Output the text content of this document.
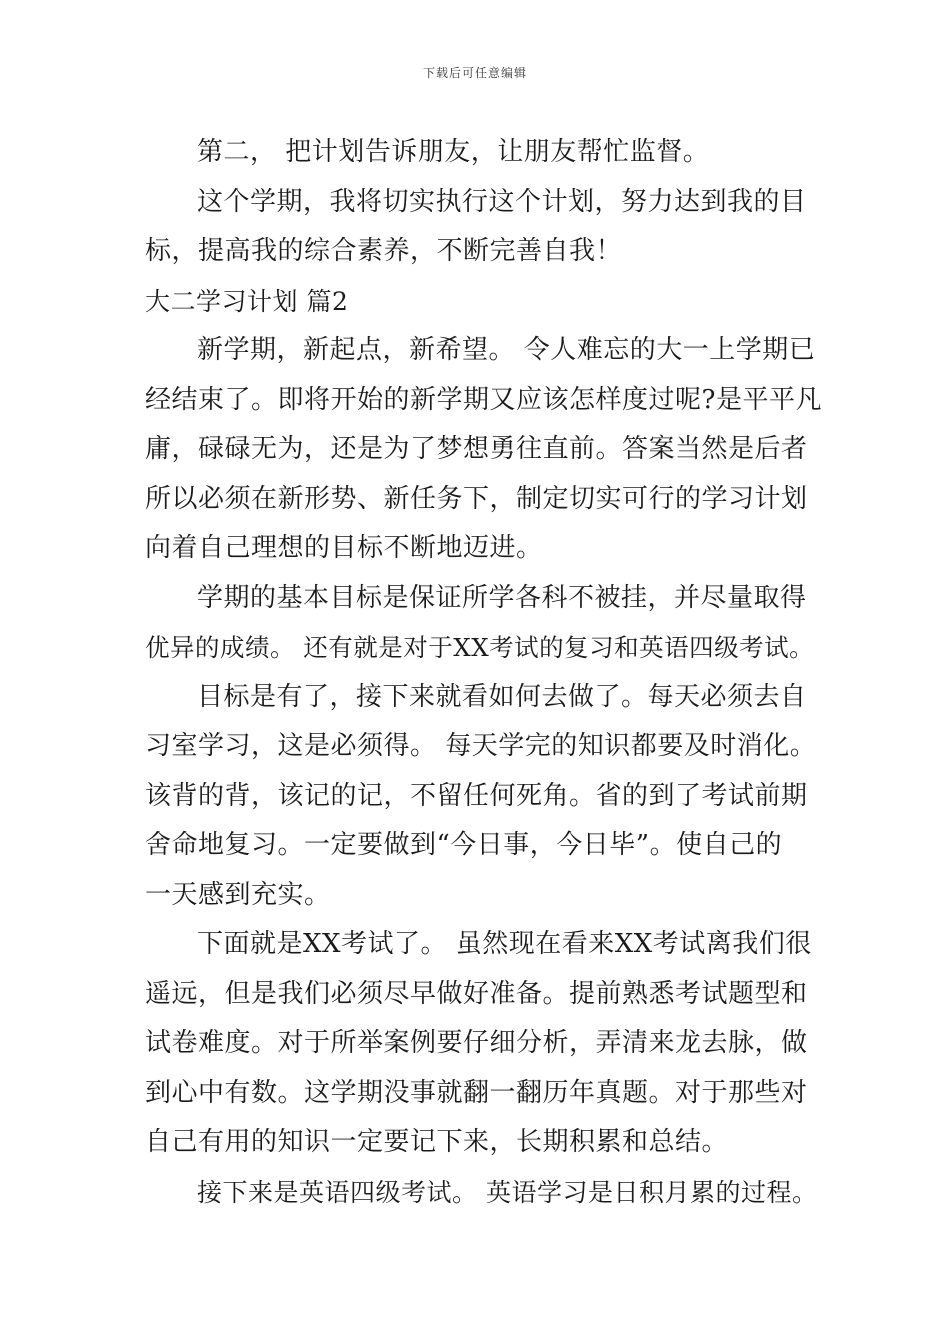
下载后可任意编辑
第二， 把计划告诉朋友，让朋友帮忙监督。
这个学期，我将切实执行这个计划，努力达到我的目
标，提高我的综合素养，不断完善自我！
大二学习计划 篇2
新学期，新起点，新希望。 令人难忘的大一上学期已
经结束了。即将开始的新学期又应该怎样度过呢?是平平凡
庸，碌碌无为，还是为了梦想勇往直前。答案当然是后者
所以必须在新形势、新任务下，制定切实可行的学习计划
向着自己理想的目标不断地迈进。
学期的基本目标是保证所学各科不被挂，并尽量取得
优异的成绩。 还有就是对于XX考试的复习和英语四级考试。
目标是有了，接下来就看如何去做了。每天必须去自
习室学习，这是必须得。 每天学完的知识都要及时消化。
该背的背，该记的记，不留任何死角。省的到了考试前期
舍命地复习。一定要做到“今日事，今日毕”。使自己的
一天感到充实。
下面就是XX考试了。 虽然现在看来XX考试离我们很
遥远，但是我们必须尽早做好准备。提前熟悉考试题型和
试卷难度。对于所举案例要仔细分析，弄清来龙去脉，做
到心中有数。这学期没事就翻一翻历年真题。对于那些对
自己有用的知识一定要记下来，长期积累和总结。
接下来是英语四级考试。 英语学习是日积月累的过程。
